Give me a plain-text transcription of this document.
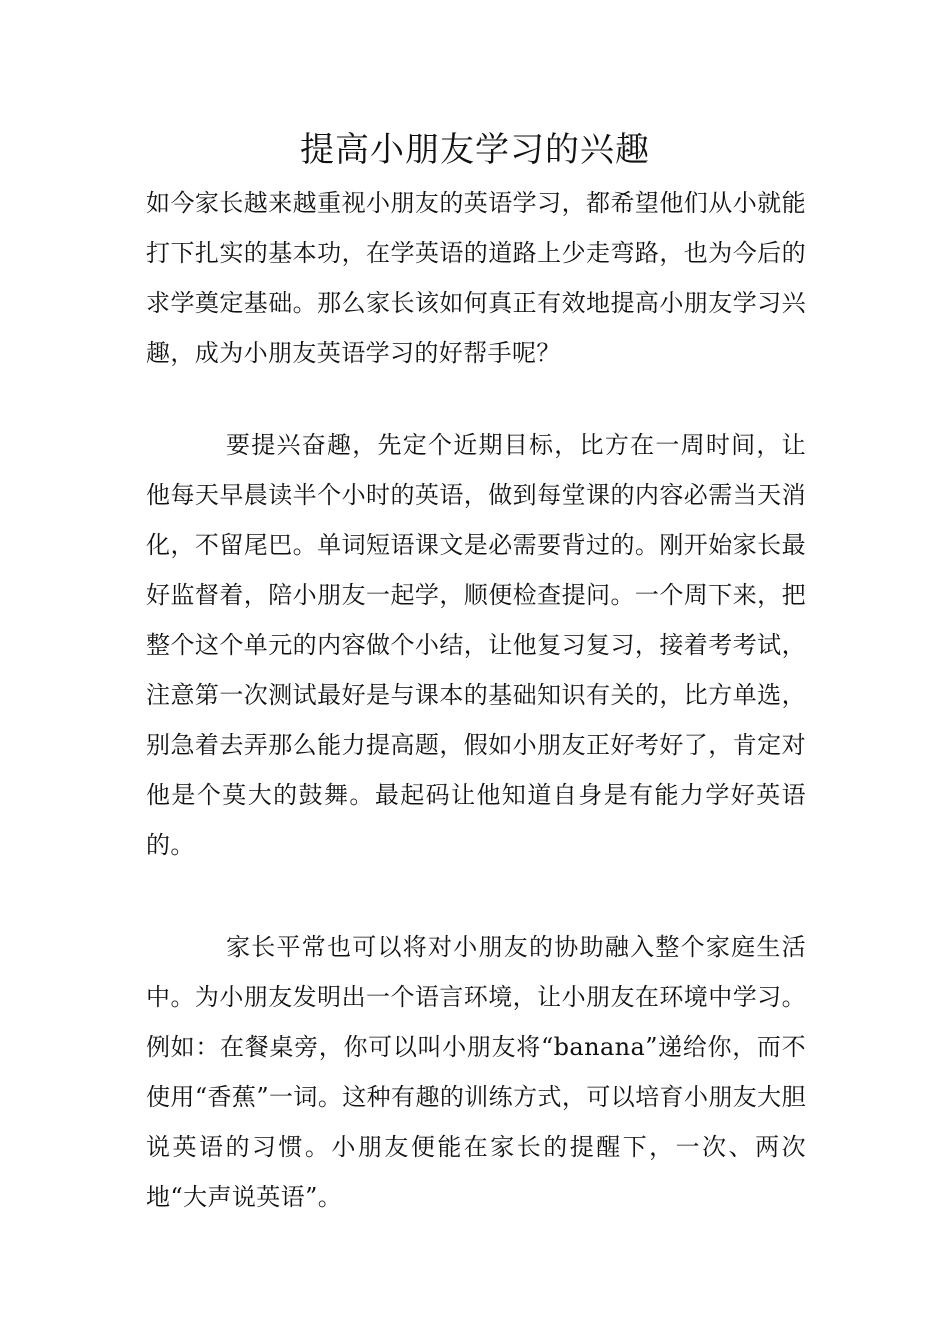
提高小朋友学习的兴趣

如今家长越来越重视小朋友的英语学习，都希望他们从小就能打下扎实的基本功，在学英语的道路上少走弯路，也为今后的求学奠定基础。那么家长该如何真正有效地提高小朋友学习兴趣，成为小朋友英语学习的好帮手呢？

要提兴奋趣，先定个近期目标，比方在一周时间，让他每天早晨读半个小时的英语，做到每堂课的内容必需当天消化，不留尾巴。单词短语课文是必需要背过的。刚开始家长最好监督着，陪小朋友一起学，顺便检查提问。一个周下来，把整个这个单元的内容做个小结，让他复习复习，接着考考试，注意第一次测试最好是与课本的基础知识有关的，比方单选，别急着去弄那么能力提高题，假如小朋友正好考好了，肯定对他是个莫大的鼓舞。最起码让他知道自身是有能力学好英语的。

家长平常也可以将对小朋友的协助融入整个家庭生活中。为小朋友发明出一个语言环境，让小朋友在环境中学习。例如：在餐桌旁，你可以叫小朋友将“banana”递给你，而不使用“香蕉”一词。这种有趣的训练方式，可以培育小朋友大胆说英语的习惯。小朋友便能在家长的提醒下，一次、两次地“大声说英语”。
